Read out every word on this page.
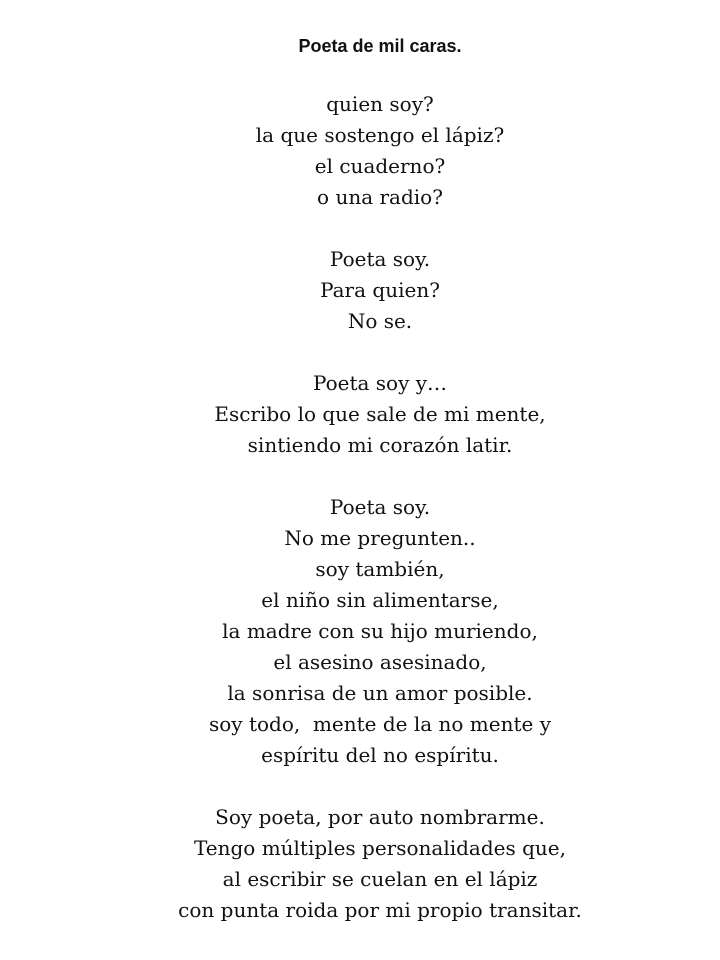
Poeta de mil caras.
quien soy?
la que sostengo el lápiz?
el cuaderno?
o una radio?
Poeta soy.
Para quien?
No se.
Poeta soy y…
Escribo lo que sale de mi mente,
sintiendo mi corazón latir.
Poeta soy.
No me pregunten..
soy también,
el niño sin alimentarse,
la madre con su hijo muriendo,
el asesino asesinado,
la sonrisa de un amor posible.
soy todo,  mente de la no mente y
espíritu del no espíritu.
Soy poeta, por auto nombrarme.
Tengo múltiples personalidades que,
al escribir se cuelan en el lápiz
con punta roida por mi propio transitar.
